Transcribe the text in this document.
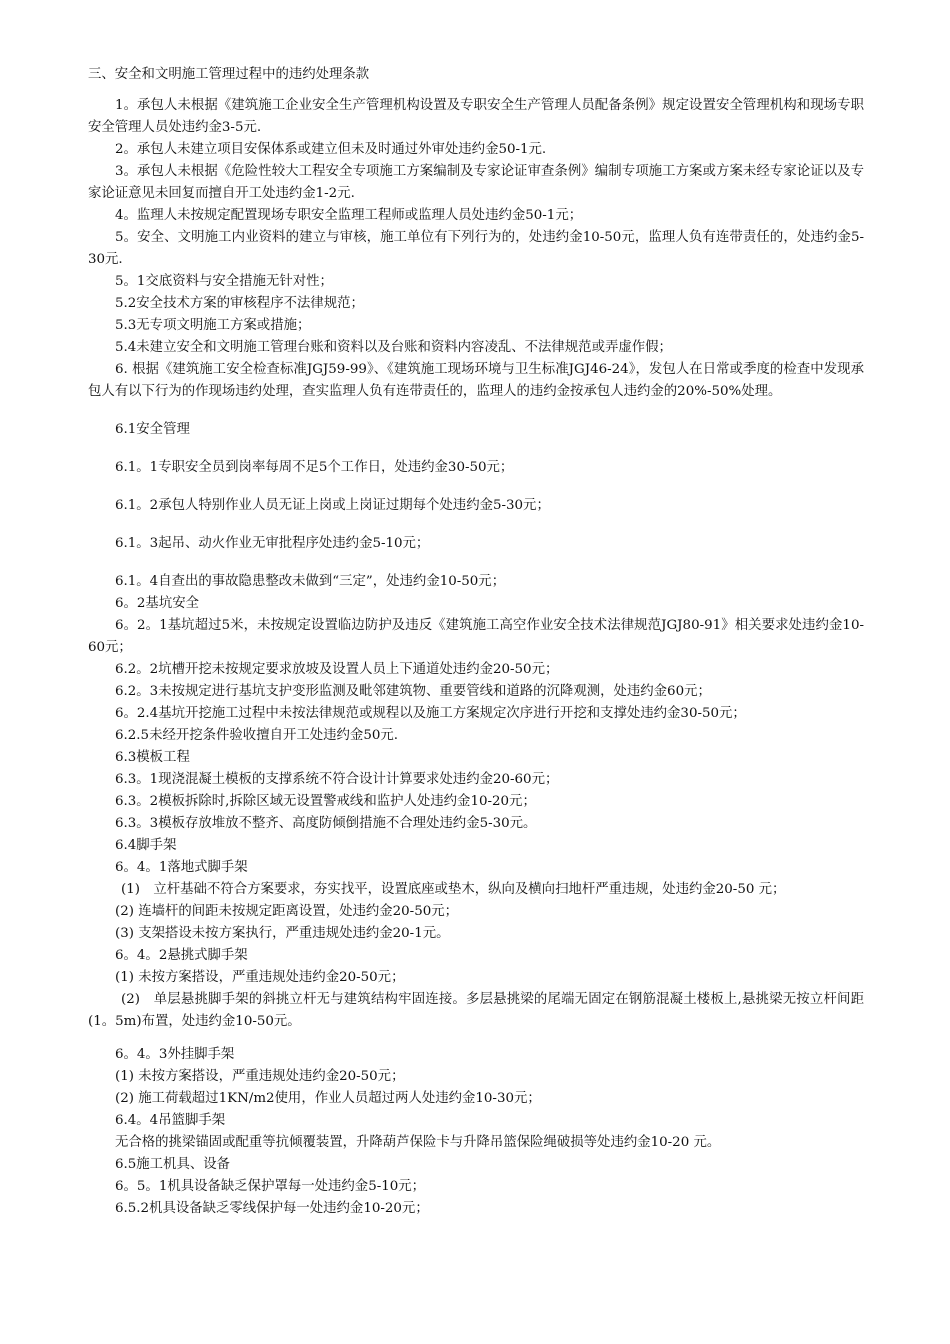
三、安全和文明施工管理过程中的违约处理条款

1。承包人未根据《建筑施工企业安全生产管理机构设置及专职安全生产管理人员配备条例》规定设置安全管理机构和现场专职安全管理人员处违约金3-5元.

2。承包人未建立项目安保体系或建立但未及时通过外审处违约金50-1元.

3。承包人未根据《危险性较大工程安全专项施工方案编制及专家论证审查条例》编制专项施工方案或方案未经专家论证以及专家论证意见未回复而擅自开工处违约金1-2元.

4。监理人未按规定配置现场专职安全监理工程师或监理人员处违约金50-1元；

5。安全、文明施工内业资料的建立与审核，施工单位有下列行为的，处违约金10-50元，监理人负有连带责任的，处违约金5-30元.

5。1交底资料与安全措施无针对性；

5.2安全技术方案的审核程序不法律规范；

5.3无专项文明施工方案或措施；

5.4未建立安全和文明施工管理台账和资料以及台账和资料内容凌乱、不法律规范或弄虚作假；

6. 根据《建筑施工安全检查标准JGJ59-99》、《建筑施工现场环境与卫生标准JGJ46-24》，发包人在日常或季度的检查中发现承包人有以下行为的作现场违约处理，查实监理人负有连带责任的，监理人的违约金按承包人违约金的20%-50%处理。

6.1安全管理

6.1。1专职安全员到岗率每周不足5个工作日，处违约金30-50元；

6.1。2承包人特别作业人员无证上岗或上岗证过期每个处违约金5-30元；

6.1。3起吊、动火作业无审批程序处违约金5-10元；

6.1。4自查出的事故隐患整改未做到“三定”，处违约金10-50元；

6。2基坑安全

6。2。1基坑超过5米，未按规定设置临边防护及违反《建筑施工高空作业安全技术法律规范JGJ80-91》相关要求处违约金10-60元；

6.2。2坑槽开挖未按规定要求放坡及设置人员上下通道处违约金20-50元；

6.2。3未按规定进行基坑支护变形监测及毗邻建筑物、重要管线和道路的沉降观测，处违约金60元；

6。2.4基坑开挖施工过程中未按法律规范或规程以及施工方案规定次序进行开挖和支撑处违约金30-50元；

6.2.5未经开挖条件验收擅自开工处违约金50元.

6.3模板工程

6.3。1现浇混凝土模板的支撑系统不符合设计计算要求处违约金20-60元；

6.3。2模板拆除时,拆除区域无设置警戒线和监护人处违约金10-20元；

6.3。3模板存放堆放不整齐、高度防倾倒措施不合理处违约金5-30元。

6.4脚手架

6。4。1落地式脚手架

(1)　立杆基础不符合方案要求，夯实找平，设置底座或垫木，纵向及横向扫地杆严重违规，处违约金20-50 元；

(2) 连墙杆的间距未按规定距离设置，处违约金20-50元；

(3) 支架搭设未按方案执行，严重违规处违约金20-1元。

6。4。2悬挑式脚手架

(1) 未按方案搭设，严重违规处违约金20-50元；

(2)　单层悬挑脚手架的斜挑立杆无与建筑结构牢固连接。多层悬挑梁的尾端无固定在钢筋混凝土楼板上,悬挑梁无按立杆间距(1。5m)布置，处违约金10-50元。

6。4。3外挂脚手架

(1) 未按方案搭设，严重违规处违约金20-50元；

(2) 施工荷载超过1KN/m2使用，作业人员超过两人处违约金10-30元；

6.4。4吊篮脚手架

无合格的挑梁锚固或配重等抗倾覆装置，升降葫芦保险卡与升降吊篮保险绳破损等处违约金10-20 元。

6.5施工机具、设备

6。5。1机具设备缺乏保护罩每一处违约金5-10元；

6.5.2机具设备缺乏零线保护每一处违约金10-20元；
